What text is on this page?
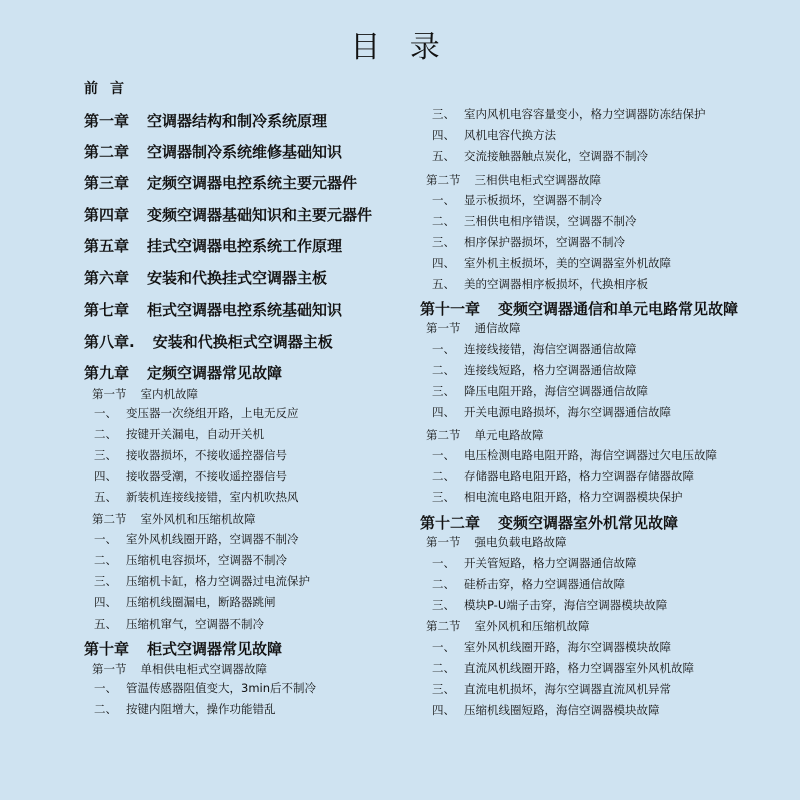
目 录
前言
第一章 空调器结构和制冷系统原理
第二章 空调器制冷系统维修基础知识
第三章 定频空调器电控系统主要元器件
第四章 变频空调器基础知识和主要元器件
第五章 挂式空调器电控系统工作原理
第六章 安装和代换挂式空调器主板
第七章 柜式空调器电控系统基础知识
第八章. 安装和代换柜式空调器主板
第九章 定频空调器常见故障
第一节 室内机故障
一、 变压器一次绕组开路，上电无反应
二、 按键开关漏电，自动开关机
三、 接收器损坏，不接收遥控器信号
四、 接收器受潮，不接收遥控器信号
五、 新装机连接线接错，室内机吹热风
第二节 室外风机和压缩机故障
一、 室外风机线圈开路，空调器不制冷
二、 压缩机电容损坏，空调器不制冷
三、 压缩机卡缸，格力空调器过电流保护
四、 压缩机线圈漏电，断路器跳闸
五、 压缩机窜气，空调器不制冷
第十章 柜式空调器常见故障
第一节 单相供电柜式空调器故障
一、 管温传感器阻值变大，3min后不制冷
二、 按键内阻增大，操作功能错乱
三、 室内风机电容容量变小，格力空调器防冻结保护
四、 风机电容代换方法
五、 交流接触器触点炭化，空调器不制冷
第二节 三相供电柜式空调器故障
一、 显示板损坏，空调器不制冷
二、 三相供电相序错误，空调器不制冷
三、 相序保护器损坏，空调器不制冷
四、 室外机主板损坏，美的空调器室外机故障
五、 美的空调器相序板损坏，代换相序板
第十一章 变频空调器通信和单元电路常见故障
第一节 通信故障
一、 连接线接错，海信空调器通信故障
二、 连接线短路，格力空调器通信故障
三、 降压电阻开路，海信空调器通信故障
四、 开关电源电路损坏，海尔空调器通信故障
第二节 单元电路故障
一、 电压检测电路电阻开路，海信空调器过欠电压故障
二、 存储器电路电阻开路，格力空调器存储器故障
三、 相电流电路电阻开路，格力空调器模块保护
第十二章 变频空调器室外机常见故障
第一节 强电负载电路故障
一、 开关管短路，格力空调器通信故障
二、 硅桥击穿，格力空调器通信故障
三、 模块P-U端子击穿，海信空调器模块故障
第二节 室外风机和压缩机故障
一、 室外风机线圈开路，海尔空调器模块故障
二、 直流风机线圈开路，格力空调器室外风机故障
三、 直流电机损坏，海尔空调器直流风机异常
四、 压缩机线圈短路，海信空调器模块故障
